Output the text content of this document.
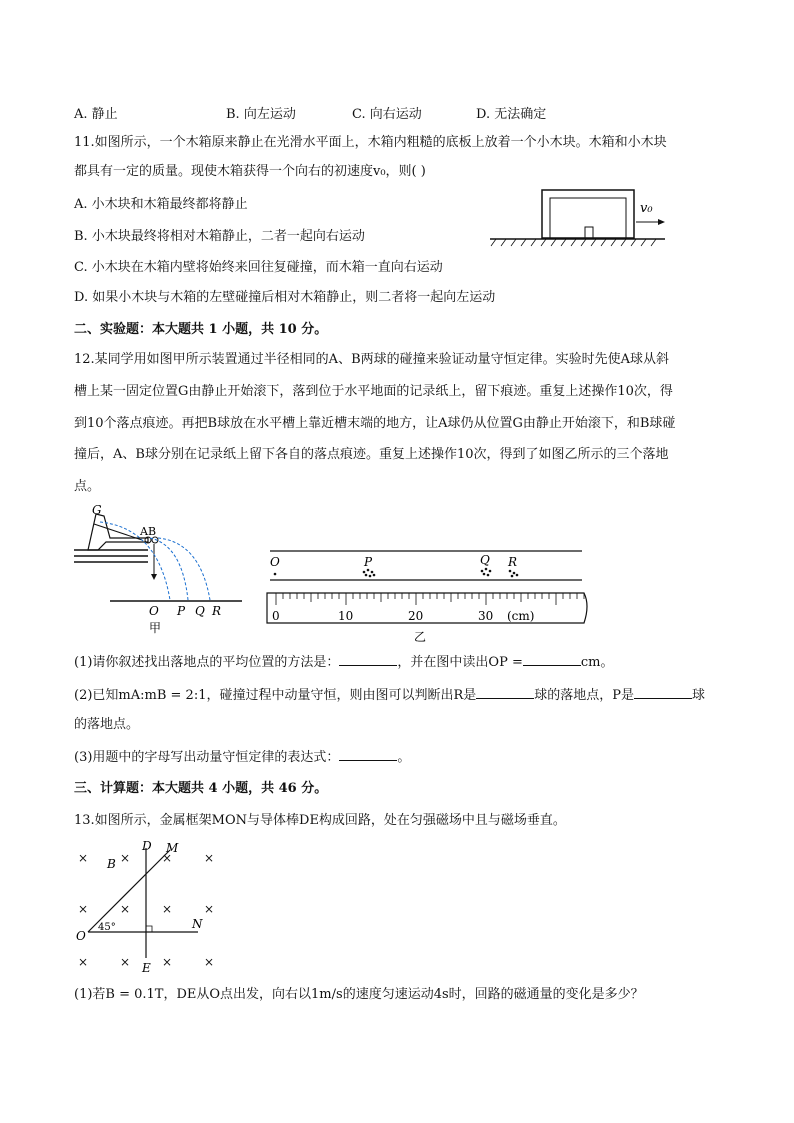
A. 静止	B. 向左运动	C. 向右运动	D. 无法确定
11.如图所示，一个木箱原来静止在光滑水平面上，木箱内粗糙的底板上放着一个小木块。木箱和小木块
都具有一定的质量。现使木箱获得一个向右的初速度v₀，则( )
A. 小木块和木箱最终都将静止
B. 小木块最终将相对木箱静止，二者一起向右运动
C. 小木块在木箱内壁将始终来回往复碰撞，而木箱一直向右运动
D. 如果小木块与木箱的左壁碰撞后相对木箱静止，则二者将一起向左运动
v₀
二、实验题：本大题共 1 小题，共 10 分。
12.某同学用如图甲所示装置通过半径相同的A、B两球的碰撞来验证动量守恒定律。实验时先使A球从斜
槽上某一固定位置G由静止开始滚下，落到位于水平地面的记录纸上，留下痕迹。重复上述操作10次，得
到10个落点痕迹。再把B球放在水平槽上靠近槽末端的地方，让A球仍从位置G由静止开始滚下，和B球碰
撞后，A、B球分别在记录纸上留下各自的落点痕迹。重复上述操作10次，得到了如图乙所示的三个落地
点。
G
AB
O P Q R
甲
O	P	Q R
0	10	20	30 (cm)
乙
(1)请你叙述找出落地点的平均位置的方法是：	，并在图中读出OP =	cm。
(2)已知mA:mB = 2:1，碰撞过程中动量守恒，则由图可以判断出R是	球的落地点，P是	球
的落地点。
(3)用题中的字母写出动量守恒定律的表达式：	。
三、计算题：本大题共 4 小题，共 46 分。
13.如图所示，金属框架MON与导体棒DE构成回路，处在匀强磁场中且与磁场垂直。
×	×	×	×
×	×	×	×
×	×	×	×
D M
B
O
45°	N
E
(1)若B = 0.1T，DE从O点出发，向右以1m/s的速度匀速运动4s时，回路的磁通量的变化是多少？
